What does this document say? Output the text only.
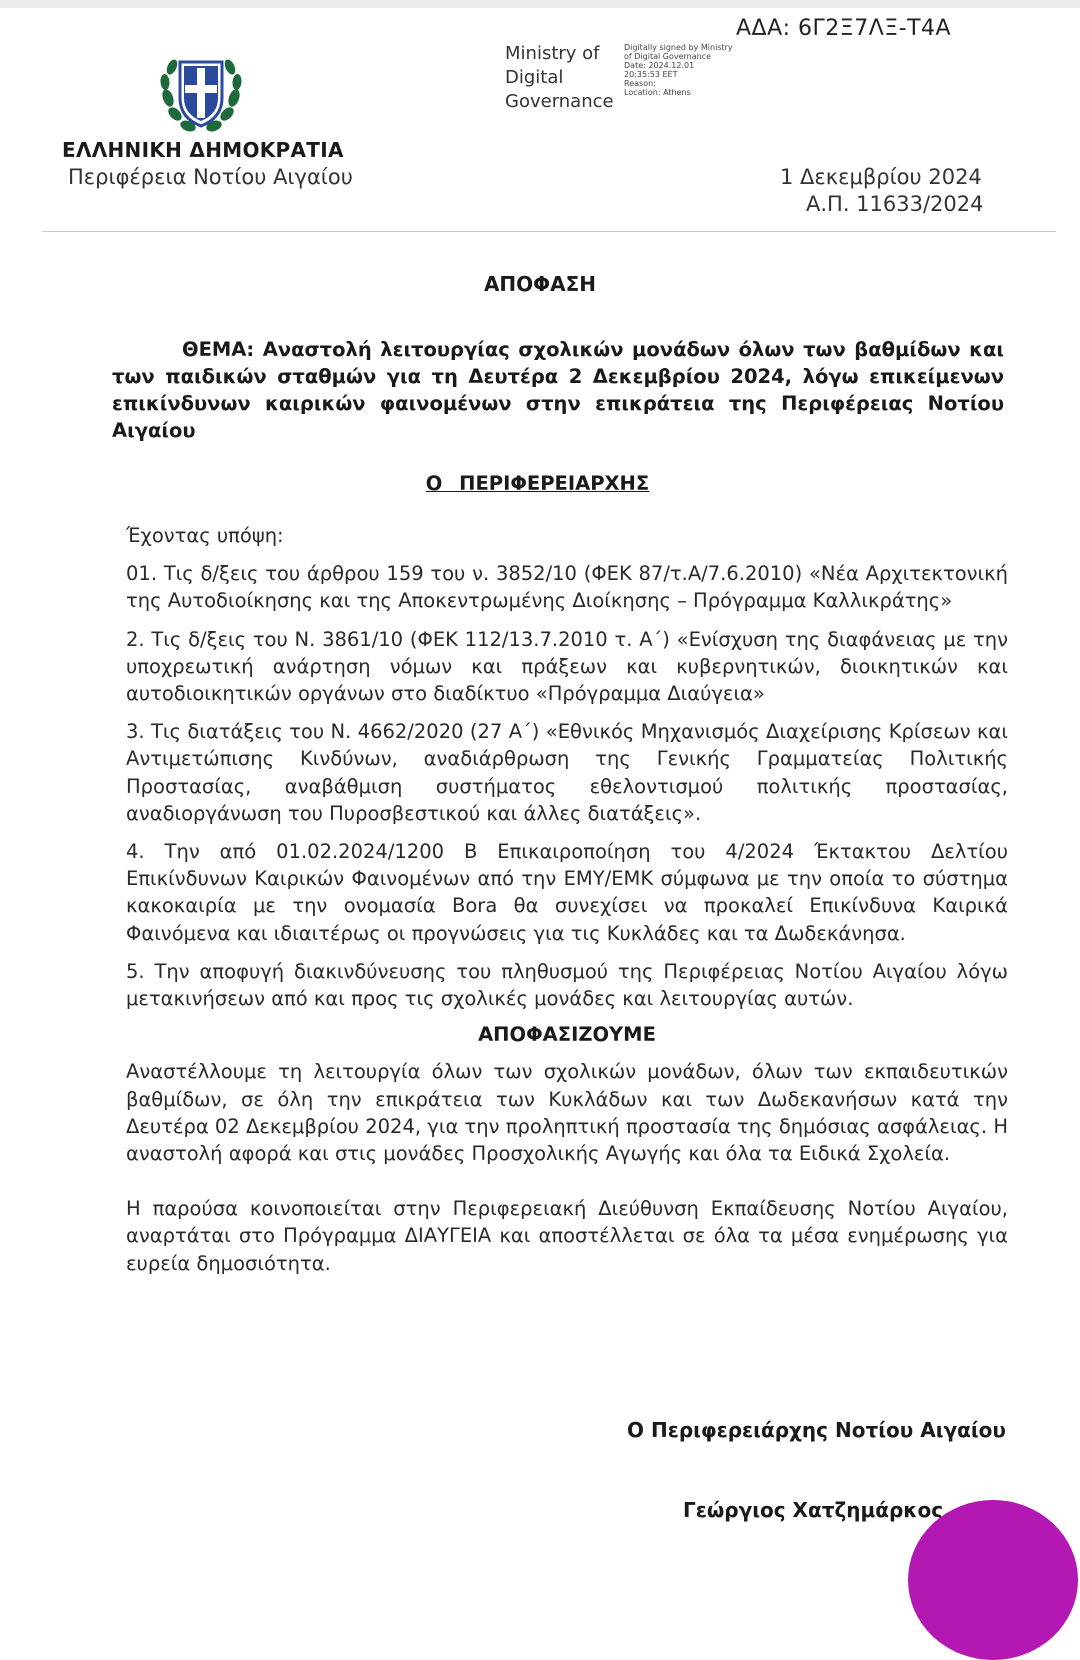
ΑΔΑ: 6Γ2Ξ7ΛΞ-Τ4Α
ΕΛΛΗΝΙΚΗ ΔΗΜΟΚΡΑΤΙΑ
Περιφέρεια Νοτίου Αιγαίου
Ministry of
Digital
Governance
Digitally signed by Ministry
of Digital Governance
Date: 2024.12.01
20:35:53 EET
Reason:
Location: Athens
1 Δεκεμβρίου 2024
Α.Π. 11633/2024
ΑΠΟΦΑΣΗ
ΘΕΜΑ: Αναστολή λειτουργίας σχολικών μονάδων όλων των βαθμίδων και των παιδικών σταθμών για τη Δευτέρα 2 Δεκεμβρίου 2024, λόγω επικείμενων επικίνδυνων καιρικών φαινομένων στην επικράτεια της Περιφέρειας Νοτίου Αιγαίου
Ο ΠΕΡΙΦΕΡΕΙΑΡΧΗΣ

Έχοντας υπόψη:

01. Τις δ/ξεις του άρθρου 159 του ν. 3852/10 (ΦΕΚ 87/τ.Α/7.6.2010) «Νέα Αρχιτεκτονική της Αυτοδιοίκησης και της Αποκεντρωμένης Διοίκησης – Πρόγραμμα Καλλικράτης»

2. Τις δ/ξεις του Ν. 3861/10 (ΦΕΚ 112/13.7.2010 τ. Α΄) «Ενίσχυση της διαφάνειας με την υποχρεωτική ανάρτηση νόμων και πράξεων και κυβερνητικών, διοικητικών και αυτοδιοικητικών οργάνων στο διαδίκτυο «Πρόγραμμα Διαύγεια»

3. Τις διατάξεις του Ν. 4662/2020 (27 Α΄) «Εθνικός Μηχανισμός Διαχείρισης Κρίσεων και Αντιμετώπισης Κινδύνων, αναδιάρθρωση της Γενικής Γραμματείας Πολιτικής Προστασίας, αναβάθμιση συστήματος εθελοντισμού πολιτικής προστασίας, αναδιοργάνωση του Πυροσβεστικού και άλλες διατάξεις».

4. Την από 01.02.2024/1200 Β Επικαιροποίηση του 4/2024 Έκτακτου Δελτίου Επικίνδυνων Καιρικών Φαινομένων από την ΕΜΥ/ΕΜΚ σύμφωνα με την οποία το σύστημα κακοκαιρία με την ονομασία Bora θα συνεχίσει να προκαλεί Επικίνδυνα Καιρικά Φαινόμενα και ιδιαιτέρως οι προγνώσεις για τις Κυκλάδες και τα Δωδεκάνησα.

5. Την αποφυγή διακινδύνευσης του πληθυσμού της Περιφέρειας Νοτίου Αιγαίου λόγω μετακινήσεων από και προς τις σχολικές μονάδες και λειτουργίας αυτών.

ΑΠΟΦΑΣΙΖΟΥΜΕ

Αναστέλλουμε τη λειτουργία όλων των σχολικών μονάδων, όλων των εκπαιδευτικών βαθμίδων, σε όλη την επικράτεια των Κυκλάδων και των Δωδεκανήσων κατά την Δευτέρα 02 Δεκεμβρίου 2024, για την προληπτική προστασία της δημόσιας ασφάλειας. Η αναστολή αφορά και στις μονάδες Προσχολικής Αγωγής και όλα τα Ειδικά Σχολεία.

Η παρούσα κοινοποιείται στην Περιφερειακή Διεύθυνση Εκπαίδευσης Νοτίου Αιγαίου, αναρτάται στο Πρόγραμμα ΔΙΑΥΓΕΙΑ και αποστέλλεται σε όλα τα μέσα ενημέρωσης για ευρεία δημοσιότητα.

Ο Περιφερειάρχης Νοτίου Αιγαίου
Γεώργιος Χατζημάρκος
